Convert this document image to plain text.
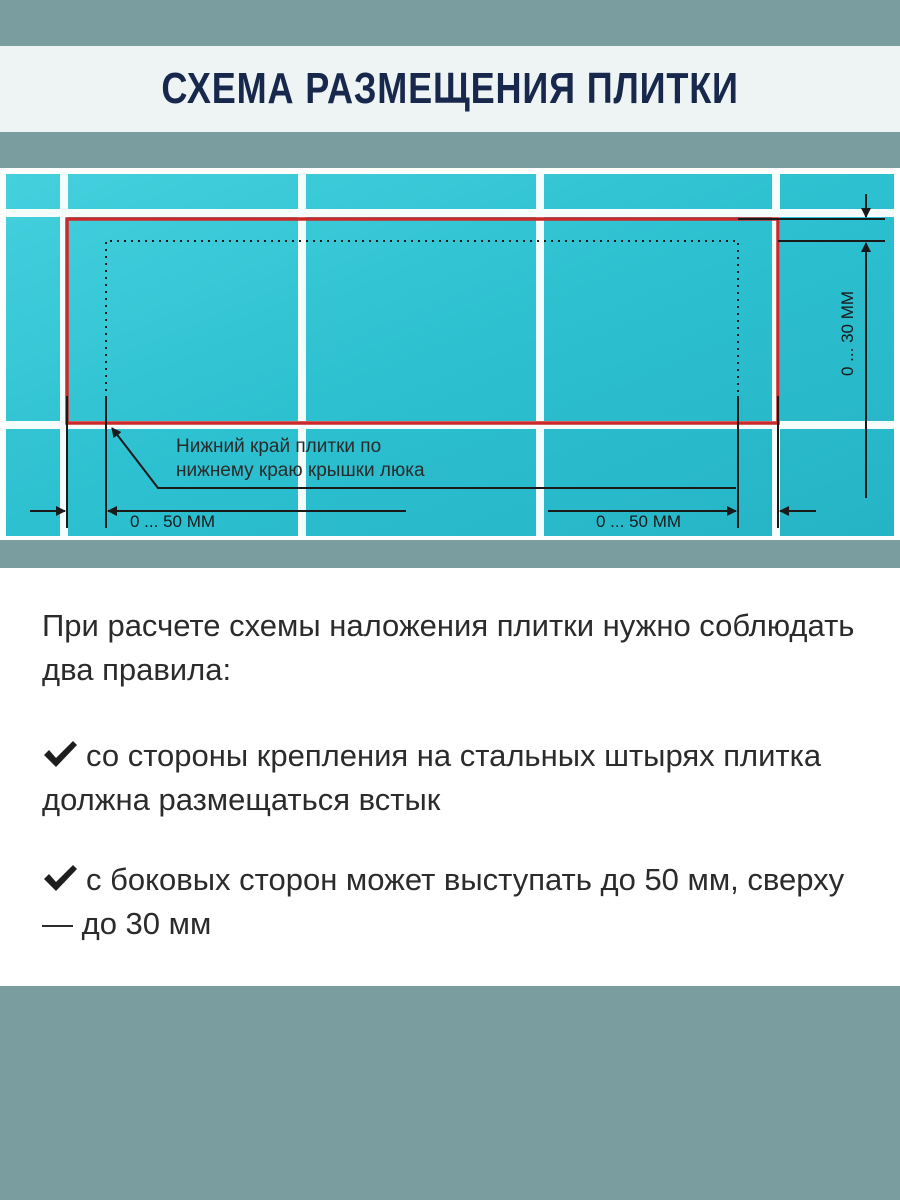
СХЕМА РАЗМЕЩЕНИЯ ПЛИТКИ
Нижний край плитки по
нижнему краю крышки люка
0 ... 50 ММ	0 ... 50 ММ
0 ... 30 ММ

При расчете схемы наложения плитки нужно соблюдать два правила:

со стороны крепления на стальных штырях плитка должна размещаться встык

с боковых сторон может выступать до 50 мм, сверху — до 30 мм
